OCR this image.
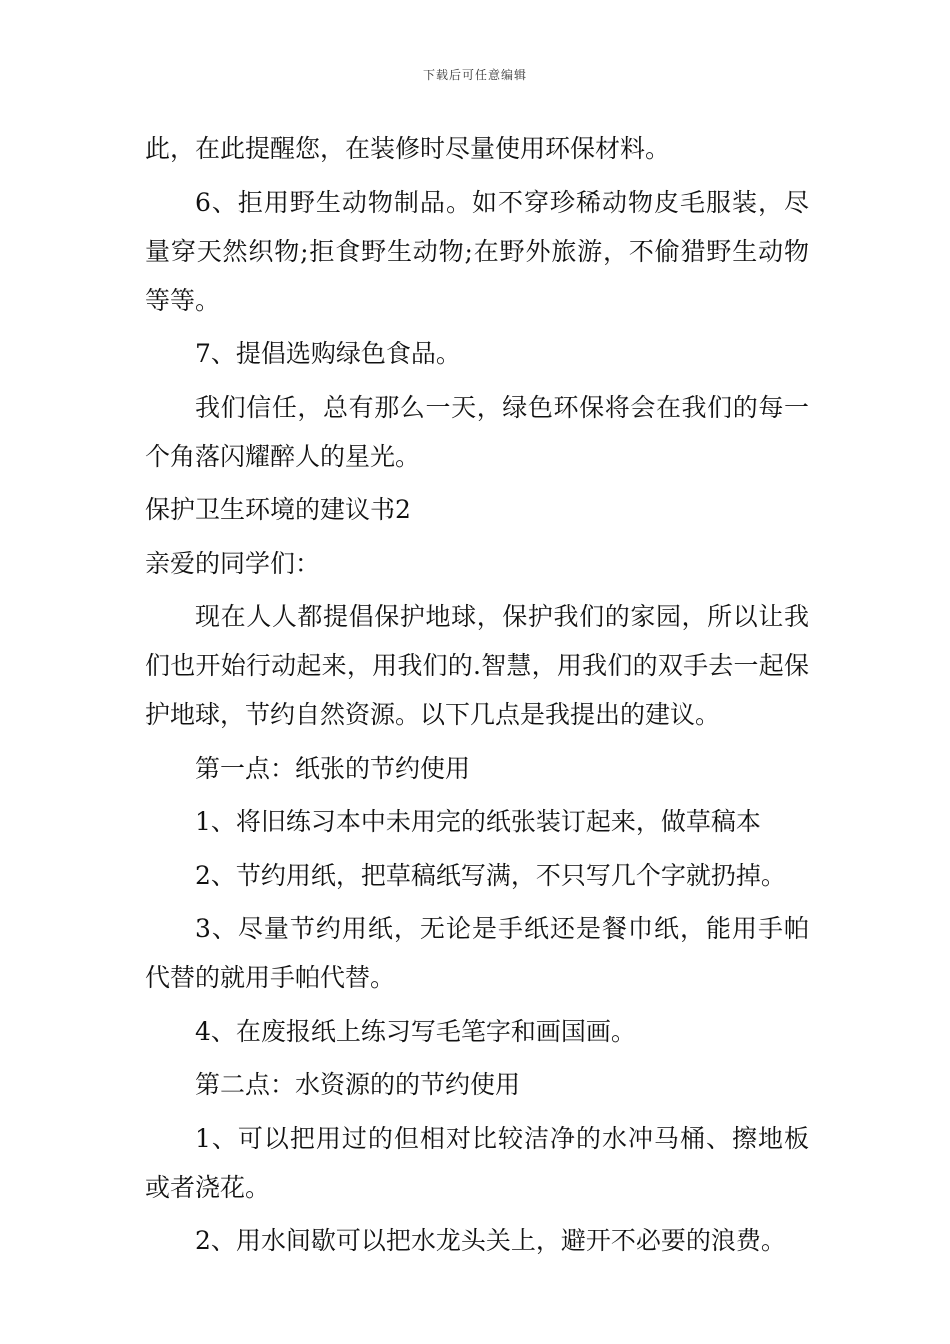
下载后可任意编辑

此，在此提醒您，在装修时尽量使用环保材料。

6、拒用野生动物制品。如不穿珍稀动物皮毛服装，尽量穿天然织物;拒食野生动物;在野外旅游，不偷猎野生动物等等。

7、提倡选购绿色食品。

我们信任，总有那么一天，绿色环保将会在我们的每一个角落闪耀醉人的星光。

保护卫生环境的建议书2

亲爱的同学们：

现在人人都提倡保护地球，保护我们的家园，所以让我们也开始行动起来，用我们的.智慧，用我们的双手去一起保护地球，节约自然资源。以下几点是我提出的建议。

第一点：纸张的节约使用

1、将旧练习本中未用完的纸张装订起来，做草稿本

2、节约用纸，把草稿纸写满，不只写几个字就扔掉。

3、尽量节约用纸，无论是手纸还是餐巾纸，能用手帕代替的就用手帕代替。

4、在废报纸上练习写毛笔字和画国画。

第二点：水资源的的节约使用

1、可以把用过的但相对比较洁净的水冲马桶、擦地板或者浇花。

2、用水间歇可以把水龙头关上，避开不必要的浪费。
